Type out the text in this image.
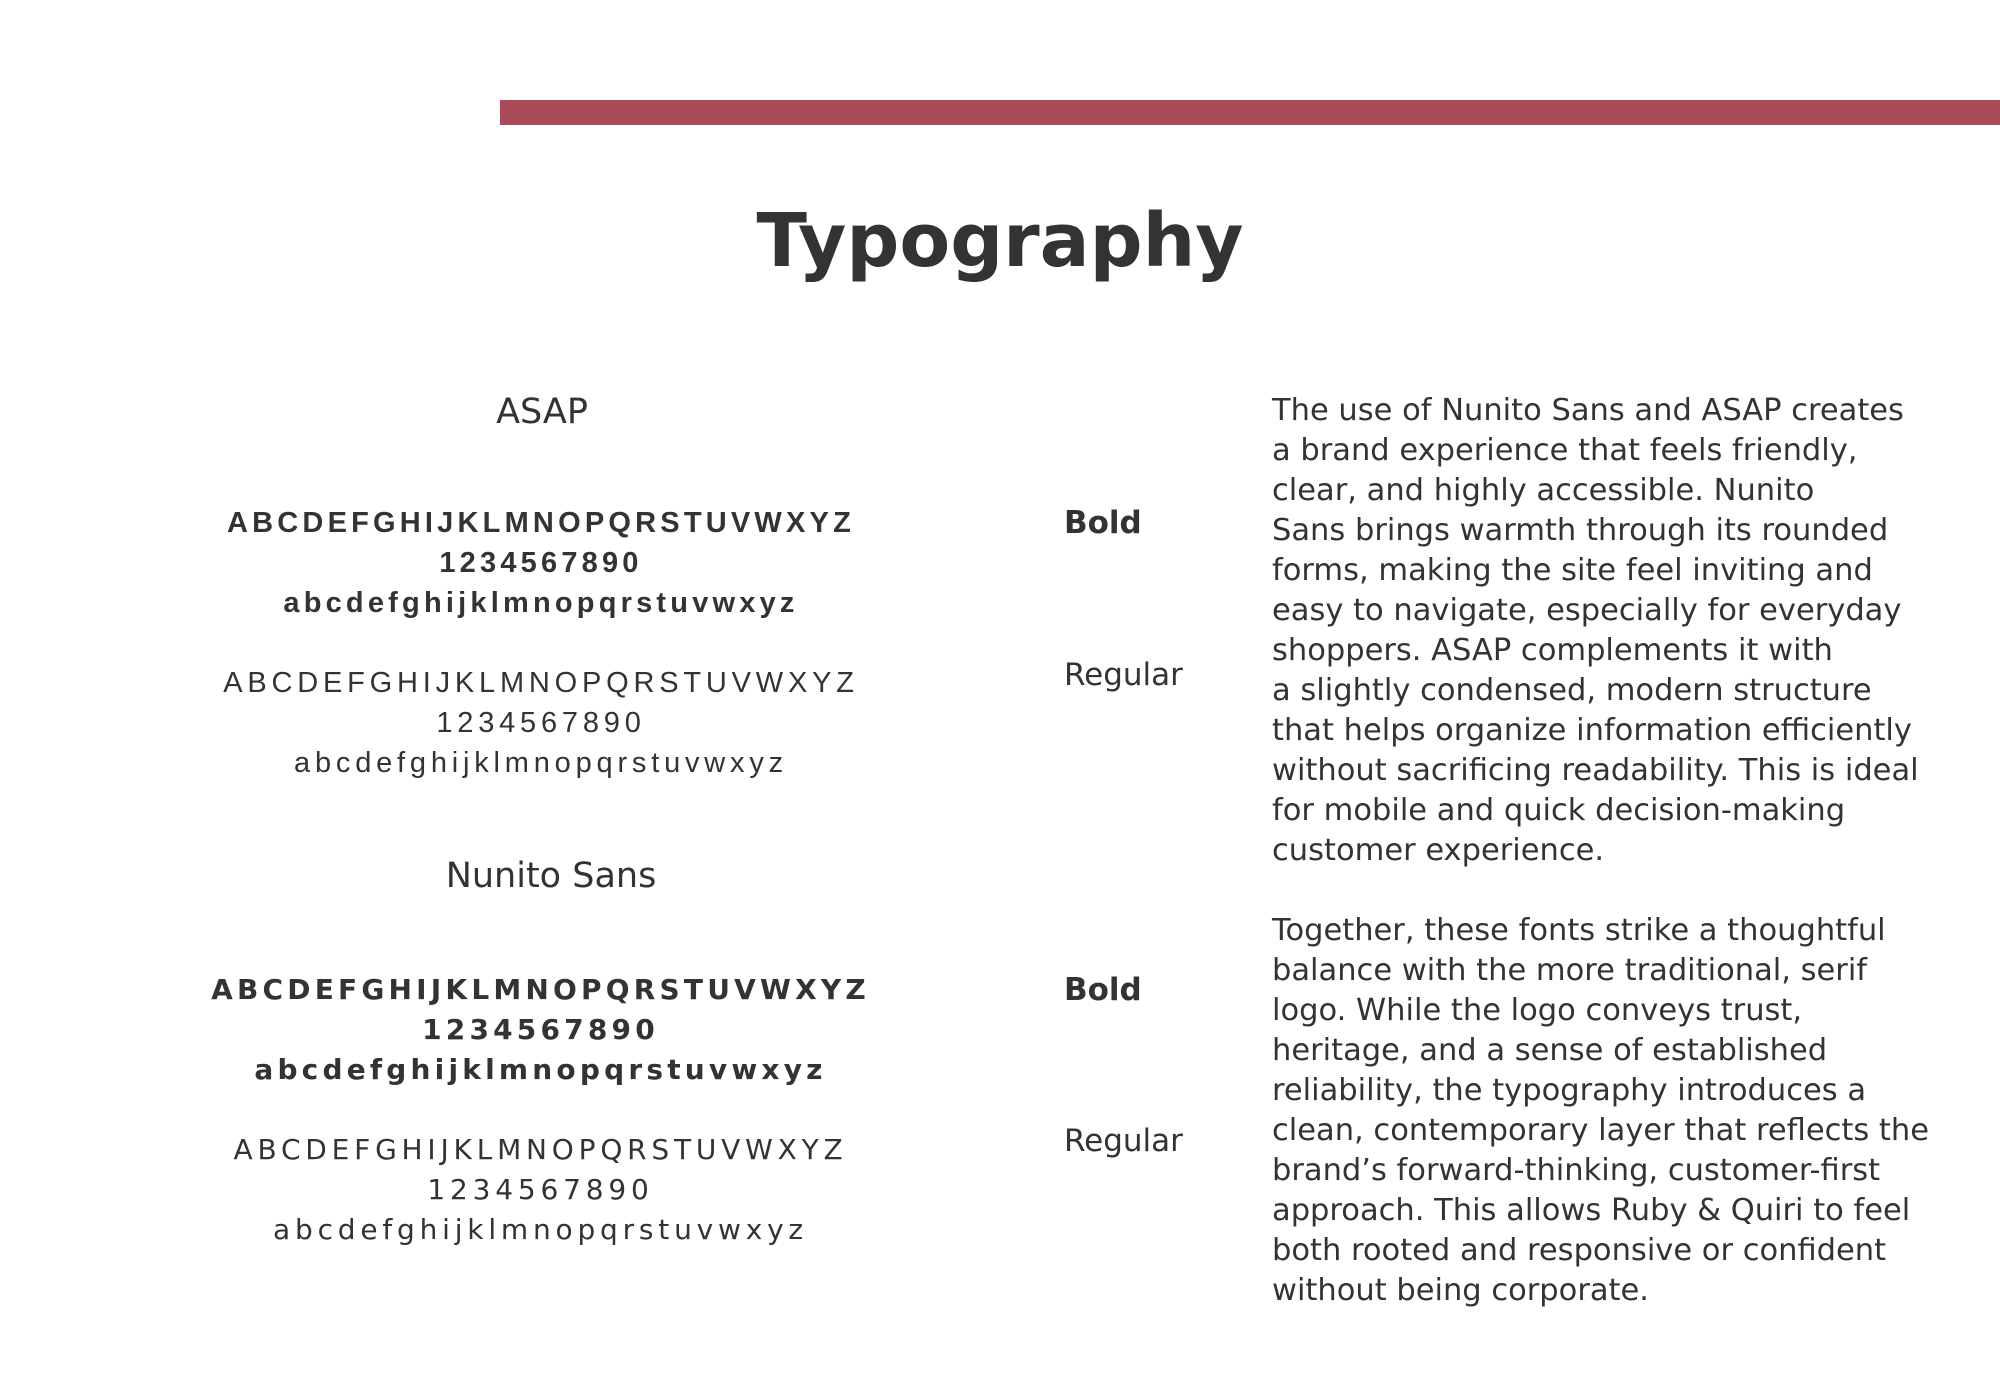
Typography
ASAP
ABCDEFGHIJKLMNOPQRSTUVWXYZ
1234567890
abcdefghijklmnopqrstuvwxyz
Bold
ABCDEFGHIJKLMNOPQRSTUVWXYZ
1234567890
abcdefghijklmnopqrstuvwxyz
Regular
Nunito Sans
ABCDEFGHIJKLMNOPQRSTUVWXYZ
1234567890
abcdefghijklmnopqrstuvwxyz
Bold
ABCDEFGHIJKLMNOPQRSTUVWXYZ
1234567890
abcdefghijklmnopqrstuvwxyz
Regular

The use of Nunito Sans and ASAP creates
a brand experience that feels friendly,
clear, and highly accessible. Nunito
Sans brings warmth through its rounded
forms, making the site feel inviting and
easy to navigate, especially for everyday
shoppers. ASAP complements it with
a slightly condensed, modern structure
that helps organize information efficiently
without sacrificing readability. This is ideal
for mobile and quick decision-making
customer experience.

Together, these fonts strike a thoughtful
balance with the more traditional, serif
logo. While the logo conveys trust,
heritage, and a sense of established
reliability, the typography introduces a
clean, contemporary layer that reflects the
brand’s forward-thinking, customer-first
approach. This allows Ruby & Quiri to feel
both rooted and responsive or confident
without being corporate.
